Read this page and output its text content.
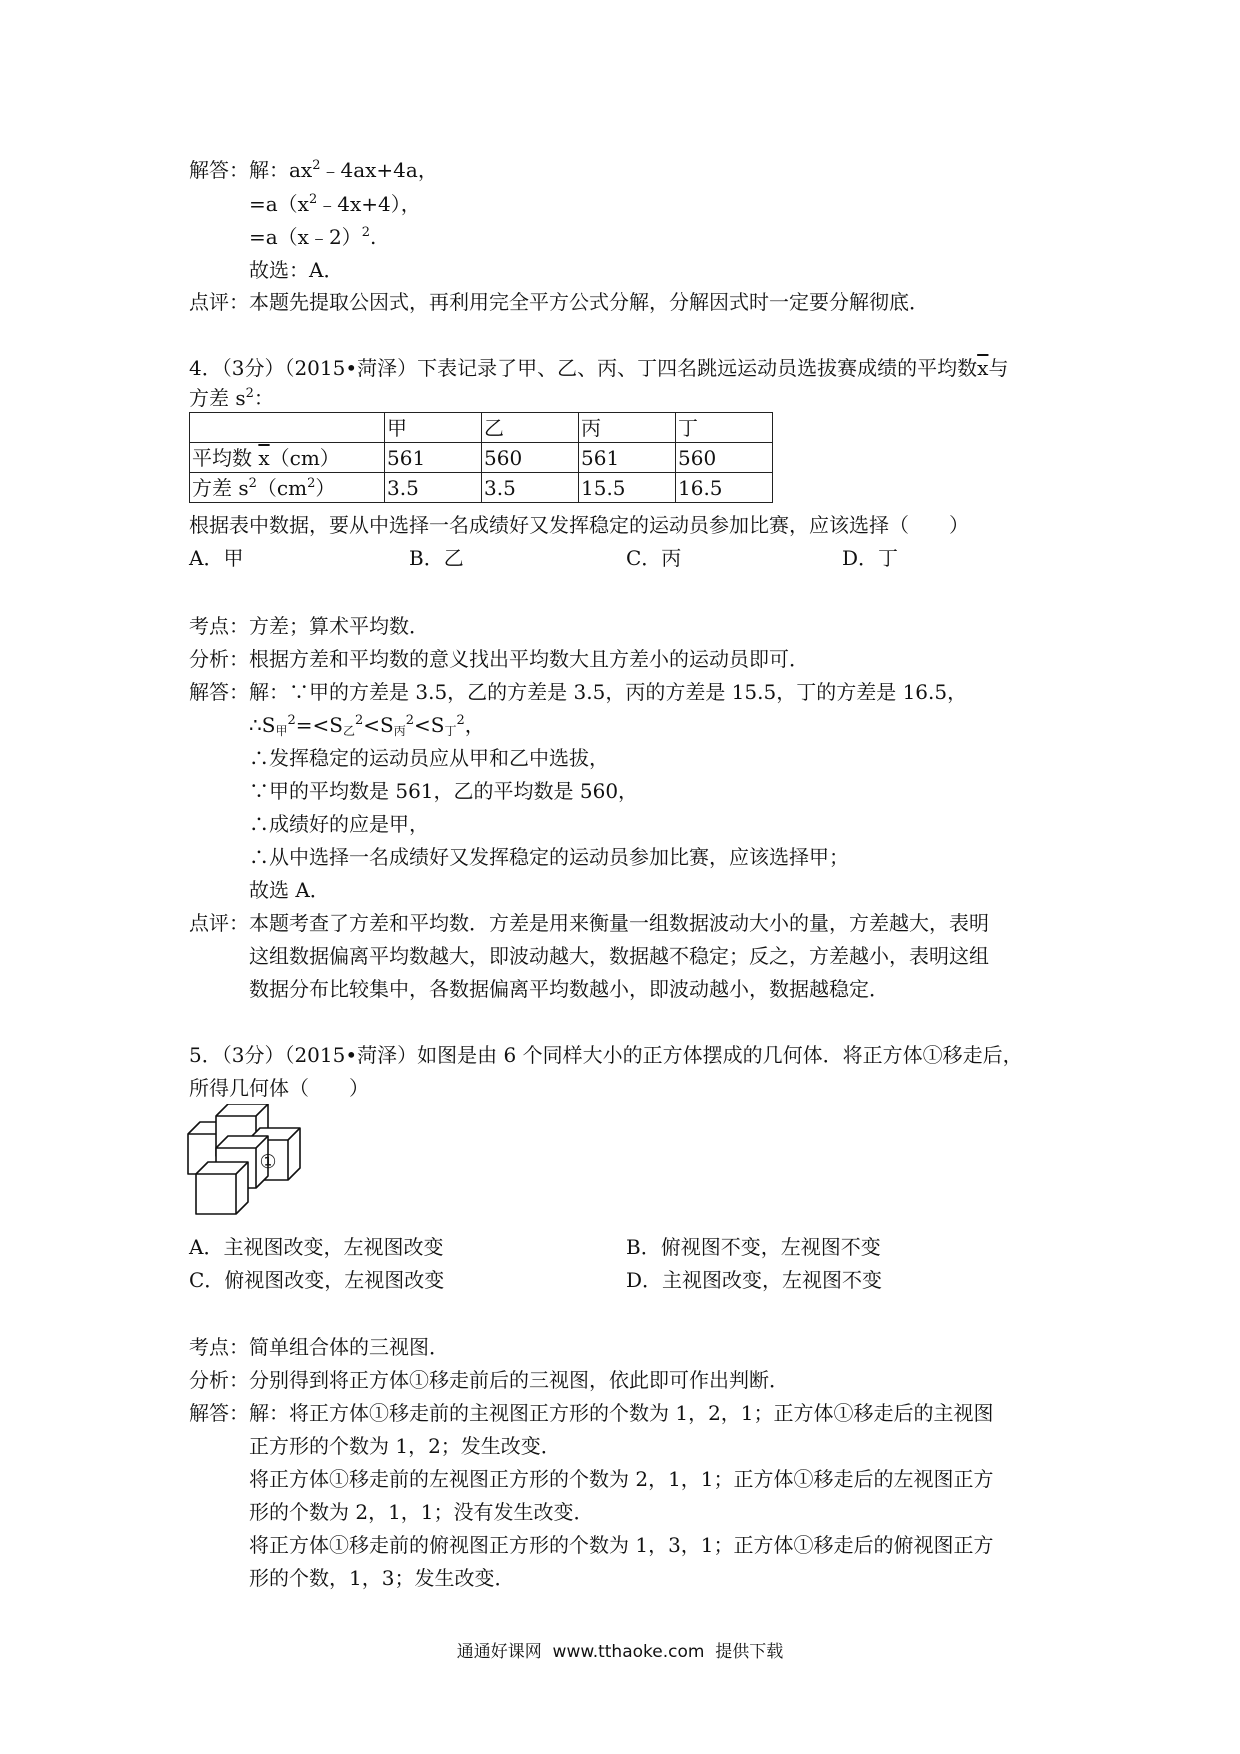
解答： 解：$ax^2﹣4ax+4a$，
$=a(x^2﹣4x+4)$，
=a（x﹣2）$^2$.
故选：A．
点评： 本题先提取公因式，再利用完全平方公式分解，分解因式时一定要分解彻底．
4．（3分）（2015•菏泽）下表记录了甲、乙、丙、丁四名跳远运动员选拔赛成绩的平均数$\overline{x}$与
方差 $s^2$：
	甲	乙	丙	丁
平均数 $\overline{x}(cm)$	561	560	561	560
方差 $s^2(cm^2)$	3.5	3.5	15.5	16.5
根据表中数据，要从中选择一名成绩好又发挥稳定的运动员参加比赛，应该选择（　　）
A．甲	B．乙	C．丙	D．丁
考点： 方差；算术平均数．
分析： 根据方差和平均数的意义找出平均数大且方差小的运动员即可．
解答： 解：∵甲的方差是 3.5，乙的方差是 3.5，丙的方差是 15.5，丁的方差是 16.5，
$\therefore S_甲^2=<S_乙^2<S_丙^2<S_丁^2$，
∴发挥稳定的运动员应从甲和乙中选拔，
∵甲的平均数是 561，乙的平均数是 560，
∴成绩好的应是甲，
∴从中选择一名成绩好又发挥稳定的运动员参加比赛，应该选择甲；
故选 A．
点评： 本题考查了方差和平均数．方差是用来衡量一组数据波动大小的量，方差越大，表明
这组数据偏离平均数越大，即波动越大，数据越不稳定；反之，方差越小，表明这组
数据分布比较集中，各数据偏离平均数越小，即波动越小，数据越稳定．
5．（3分）（2015•菏泽）如图是由 6 个同样大小的正方体摆成的几何体．将正方体①移走后，
所得几何体（　　）
①
A．主视图改变，左视图改变	B．俯视图不变，左视图不变
C．俯视图改变，左视图改变	D．主视图改变，左视图不变
考点： 简单组合体的三视图．
分析： 分别得到将正方体①移走前后的三视图，依此即可作出判断．
解答： 解：将正方体①移走前的主视图正方形的个数为 1，2，1；正方体①移走后的主视图
正方形的个数为 1，2；发生改变．
将正方体①移走前的左视图正方形的个数为 2，1，1；正方体①移走后的左视图正方
形的个数为 2，1，1；没有发生改变．
将正方体①移走前的俯视图正方形的个数为 1，3，1；正方体①移走后的俯视图正方
形的个数，1，3；发生改变．
通通好课网  www.tthaoke.com  提供下载
